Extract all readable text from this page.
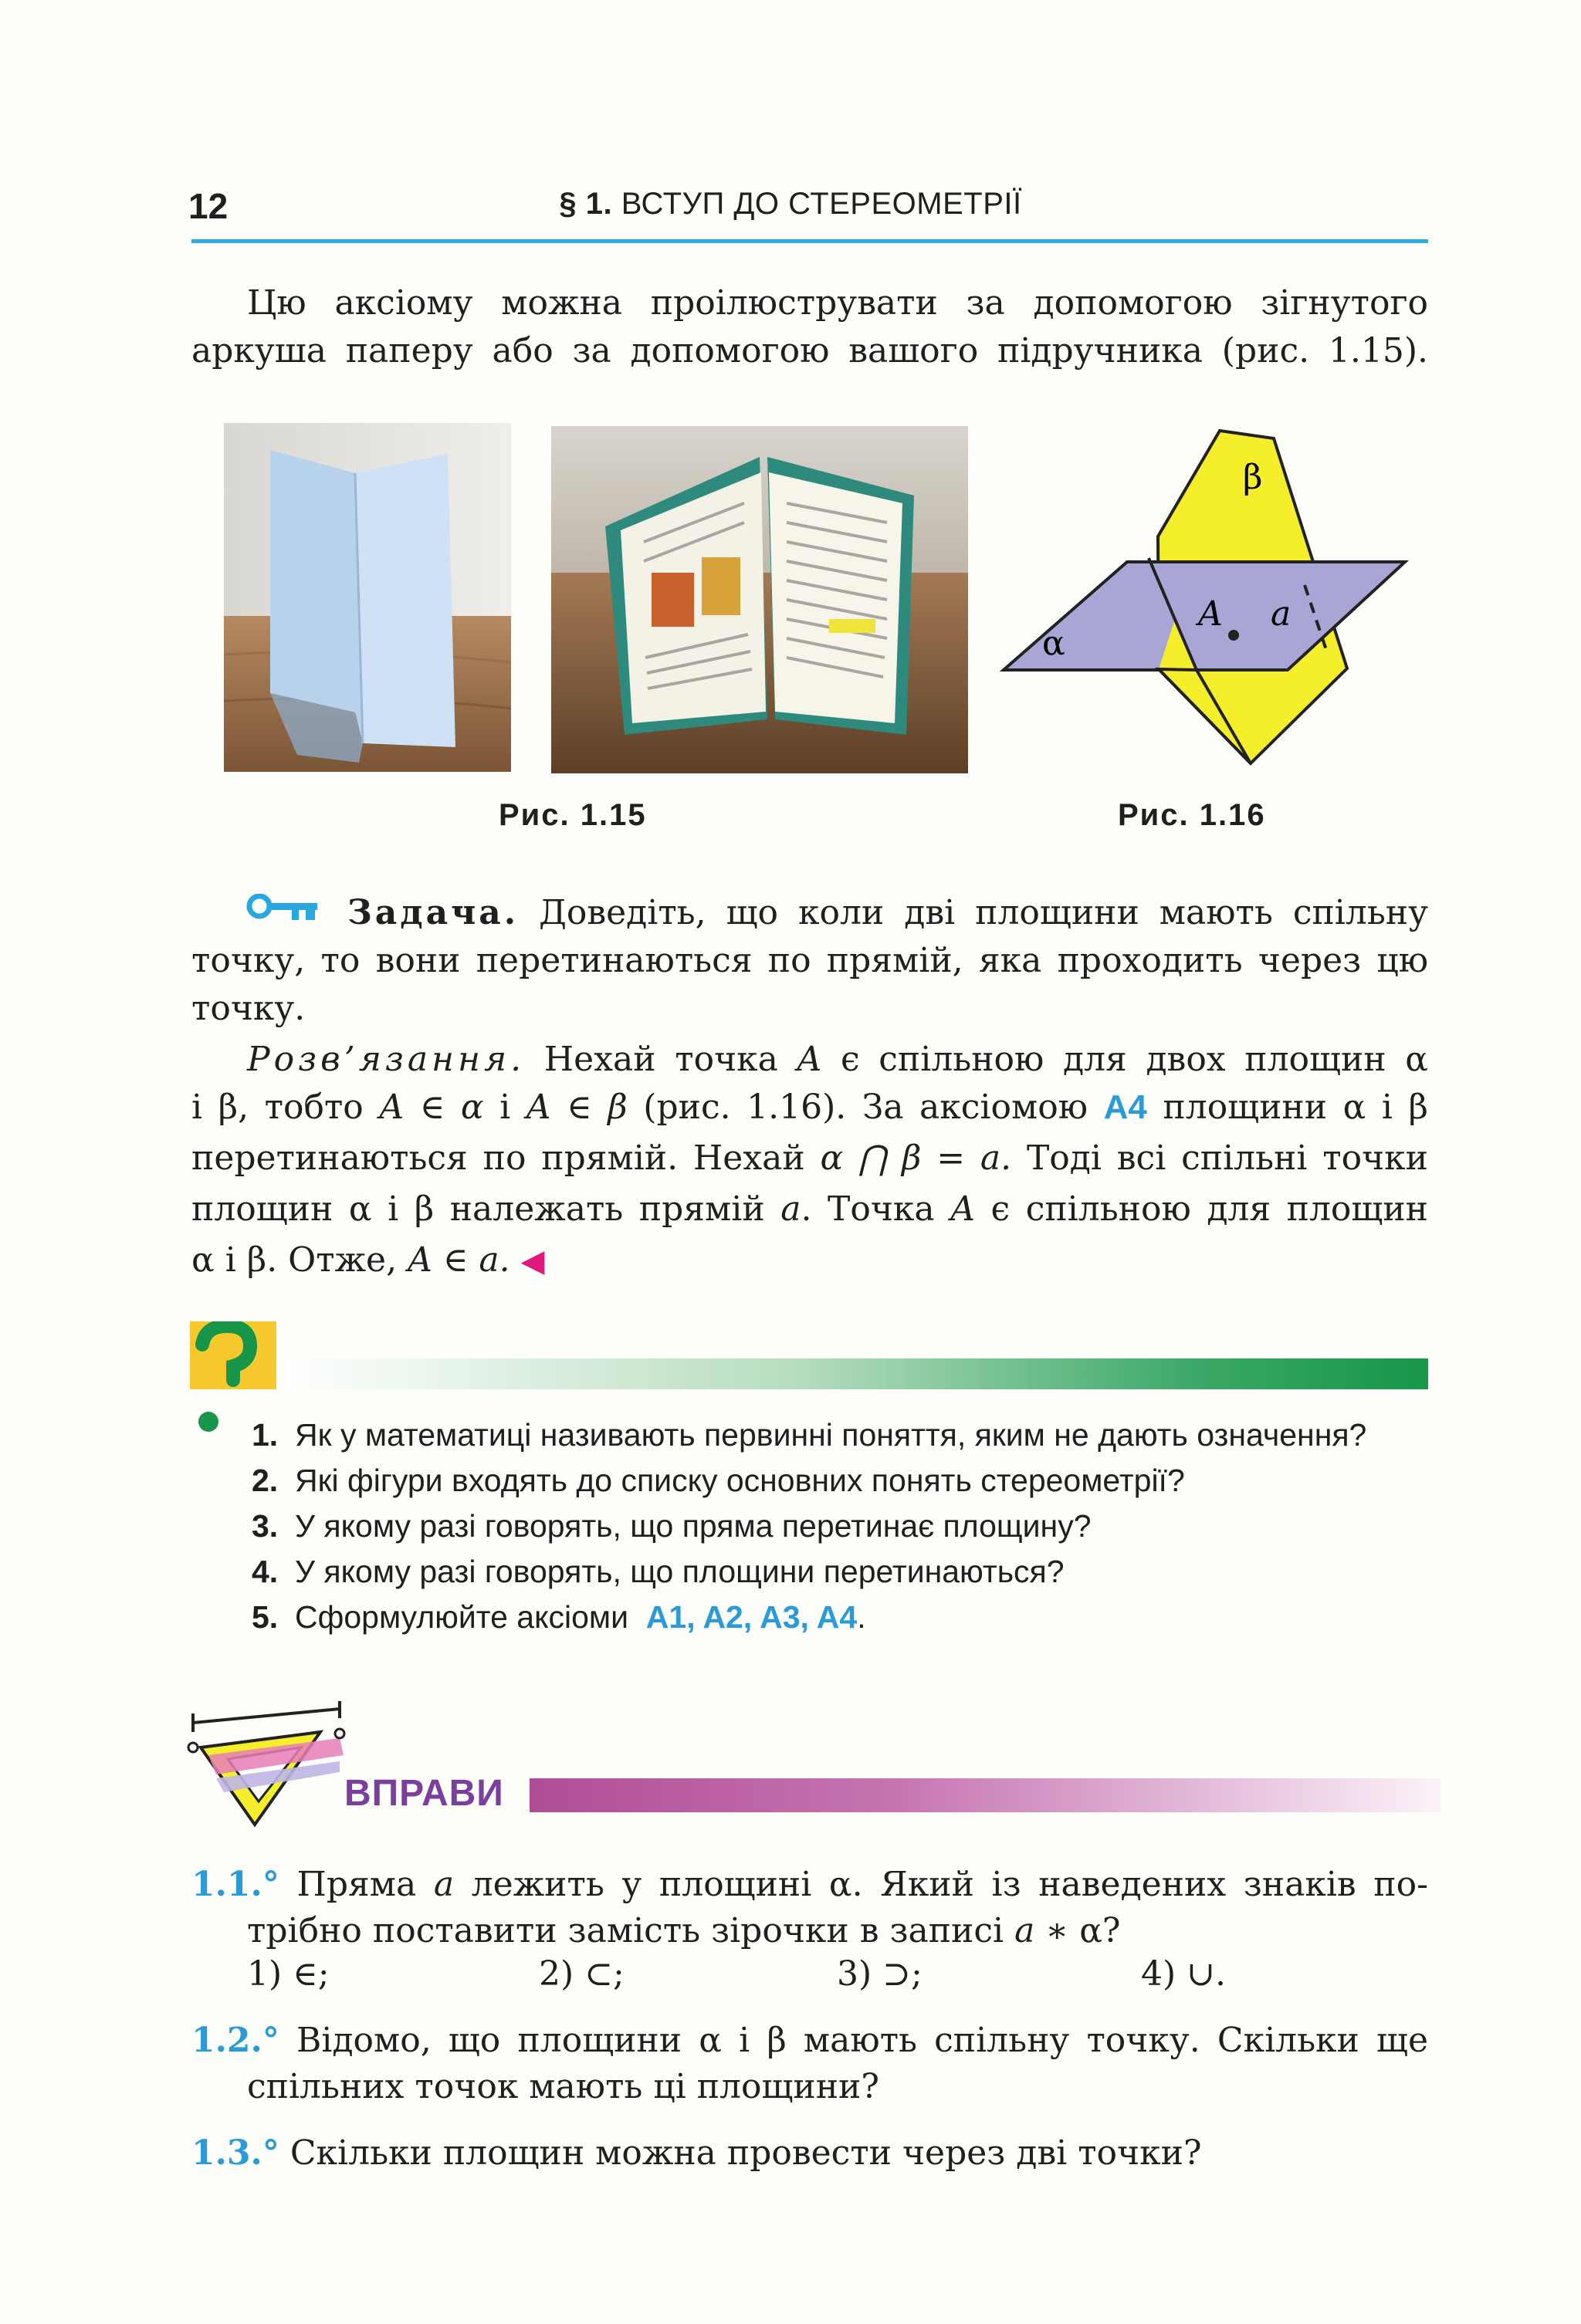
12	§ 1. ВСТУП ДО СТЕРЕОМЕТРІЇ
Цю аксіому можна проілюструвати за допомогою зігнутого
аркуша паперу або за допомогою вашого підручника (рис. 1.15).
A a
β
α
Рис. 1.15	Рис. 1.16
Задача. Доведіть, що коли дві площини мають спільну
точку, то вони перетинаються по прямій, яка проходить через цю
точку.
Розв’язання. Нехай точка A є спільною для двох площин α
і β, тобто A ∈ α і A ∈ β (рис. 1.16). За аксіомою A4 площини α і β
перетинаються по прямій. Нехай α ⋂ β = a. Тоді всі спільні точки
площин α і β належать прямій a. Точка A є спільною для площин
α і β. Отже, A ∈ a. ◀
1. Як у математиці називають первинні поняття, яким не дають означення?
2. Які фігури входять до списку основних понять стереометрії?
3. У якому разі говорять, що пряма перетинає площину?
4. У якому разі говорять, що площини перетинаються?
5. Сформулюйте аксіоми
A1, A2, A3, A4 .
ВПРАВИ
1.1.° Пряма a лежить у площині α. Який із наведених знаків по-
трібно поставити замість зірочки в записі a ∗ α?
1) ∈;	2) ⊂;	3) ⊃;	4) ∪.
1.2.° Відомо, що площини α і β мають спільну точку. Скільки ще
спільних точок мають ці площини?
1.3.° Скільки площин можна провести через дві точки?
